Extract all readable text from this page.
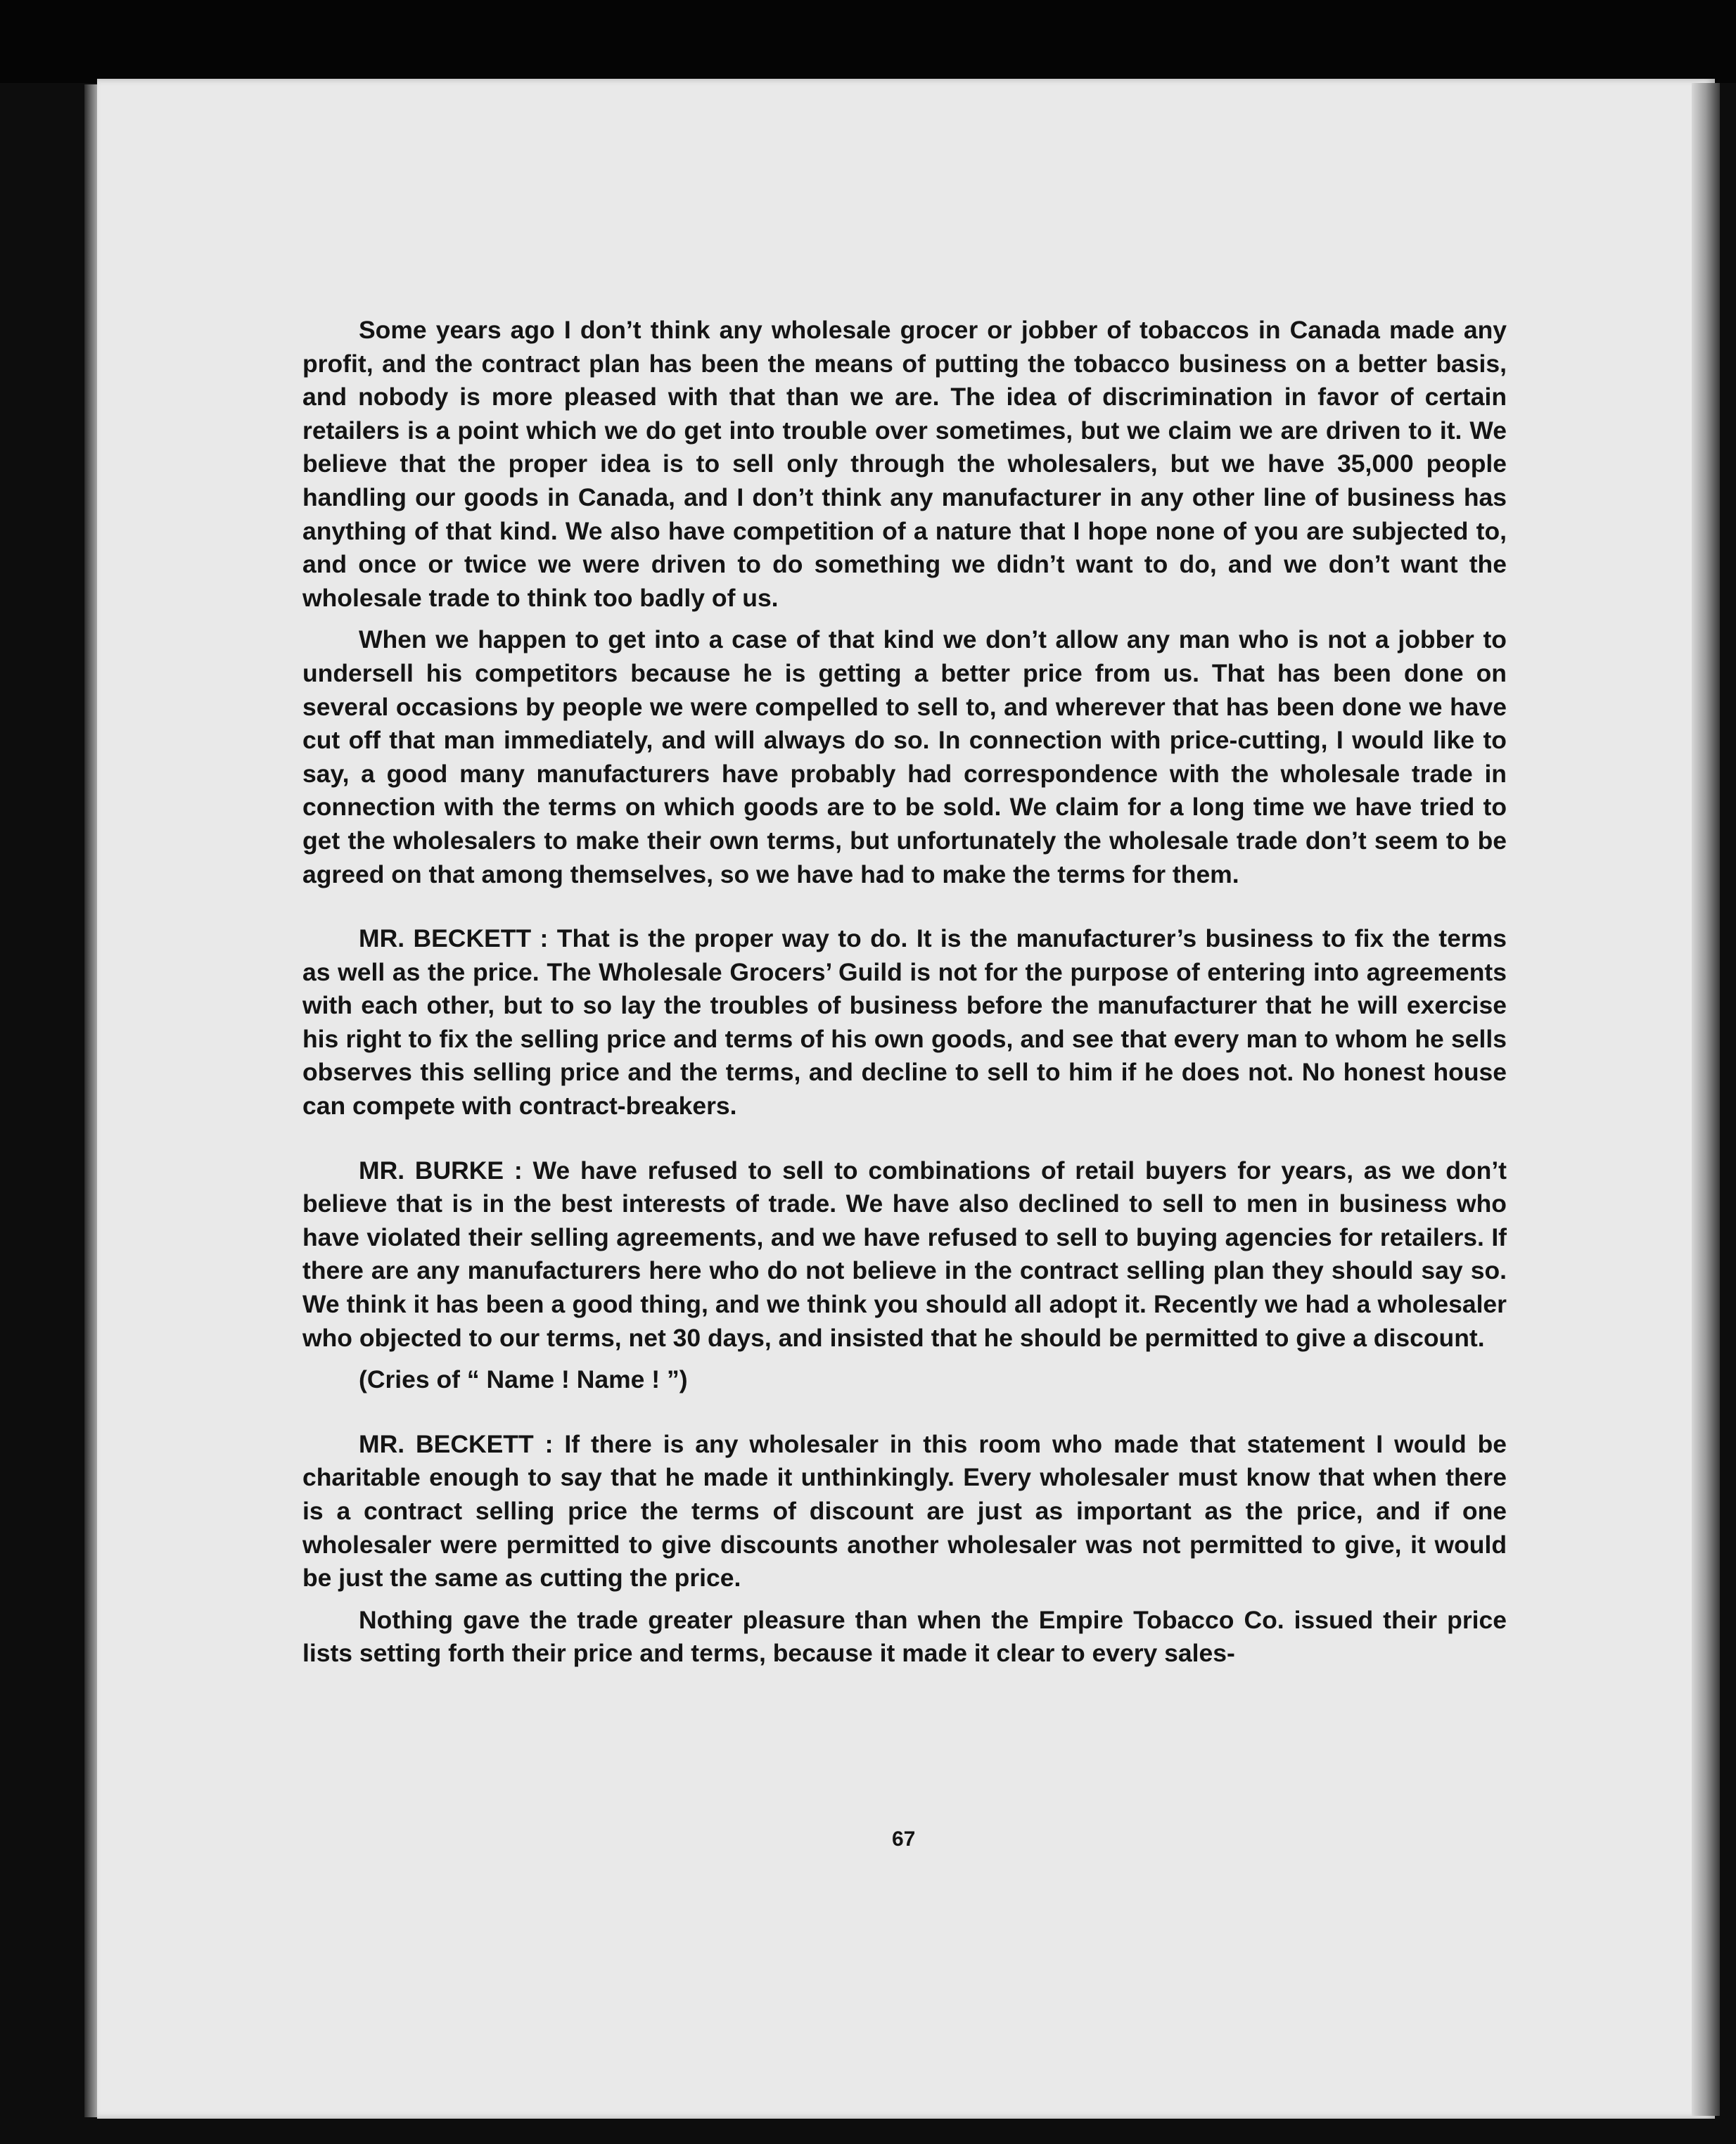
Some years ago I don’t think any wholesale grocer or jobber of tobaccos in Canada made any profit, and the contract plan has been the means of putting the tobacco business on a better basis, and nobody is more pleased with that than we are. The idea of discrimination in favor of certain retailers is a point which we do get into trouble over sometimes, but we claim we are driven to it. We believe that the proper idea is to sell only through the wholesalers, but we have 35,000 people handling our goods in Canada, and I don’t think any manufacturer in any other line of business has anything of that kind. We also have competition of a nature that I hope none of you are subjected to, and once or twice we were driven to do something we didn’t want to do, and we don’t want the wholesale trade to think too badly of us.

When we happen to get into a case of that kind we don’t allow any man who is not a jobber to undersell his competitors because he is getting a better price from us. That has been done on several occasions by people we were compelled to sell to, and wherever that has been done we have cut off that man immediately, and will always do so. In connection with price-cutting, I would like to say, a good many manufacturers have probably had correspondence with the wholesale trade in connection with the terms on which goods are to be sold. We claim for a long time we have tried to get the wholesalers to make their own terms, but unfortunately the wholesale trade don’t seem to be agreed on that among themselves, so we have had to make the terms for them.

MR. BECKETT : That is the proper way to do. It is the manufacturer’s business to fix the terms as well as the price. The Wholesale Grocers’ Guild is not for the purpose of entering into agreements with each other, but to so lay the troubles of business before the manufacturer that he will exercise his right to fix the selling price and terms of his own goods, and see that every man to whom he sells observes this selling price and the terms, and decline to sell to him if he does not. No honest house can compete with contract-breakers.

MR. BURKE : We have refused to sell to combinations of retail buyers for years, as we don’t believe that is in the best interests of trade. We have also declined to sell to men in business who have violated their selling agreements, and we have refused to sell to buying agencies for retailers. If there are any manufacturers here who do not believe in the contract selling plan they should say so. We think it has been a good thing, and we think you should all adopt it. Recently we had a wholesaler who objected to our terms, net 30 days, and insisted that he should be permitted to give a discount.

(Cries of “ Name ! Name ! ”)

MR. BECKETT : If there is any wholesaler in this room who made that statement I would be charitable enough to say that he made it unthinkingly. Every wholesaler must know that when there is a contract selling price the terms of discount are just as important as the price, and if one wholesaler were permitted to give discounts another wholesaler was not permitted to give, it would be just the same as cutting the price.

Nothing gave the trade greater pleasure than when the Empire Tobacco Co. issued their price lists setting forth their price and terms, because it made it clear to every sales-

67
